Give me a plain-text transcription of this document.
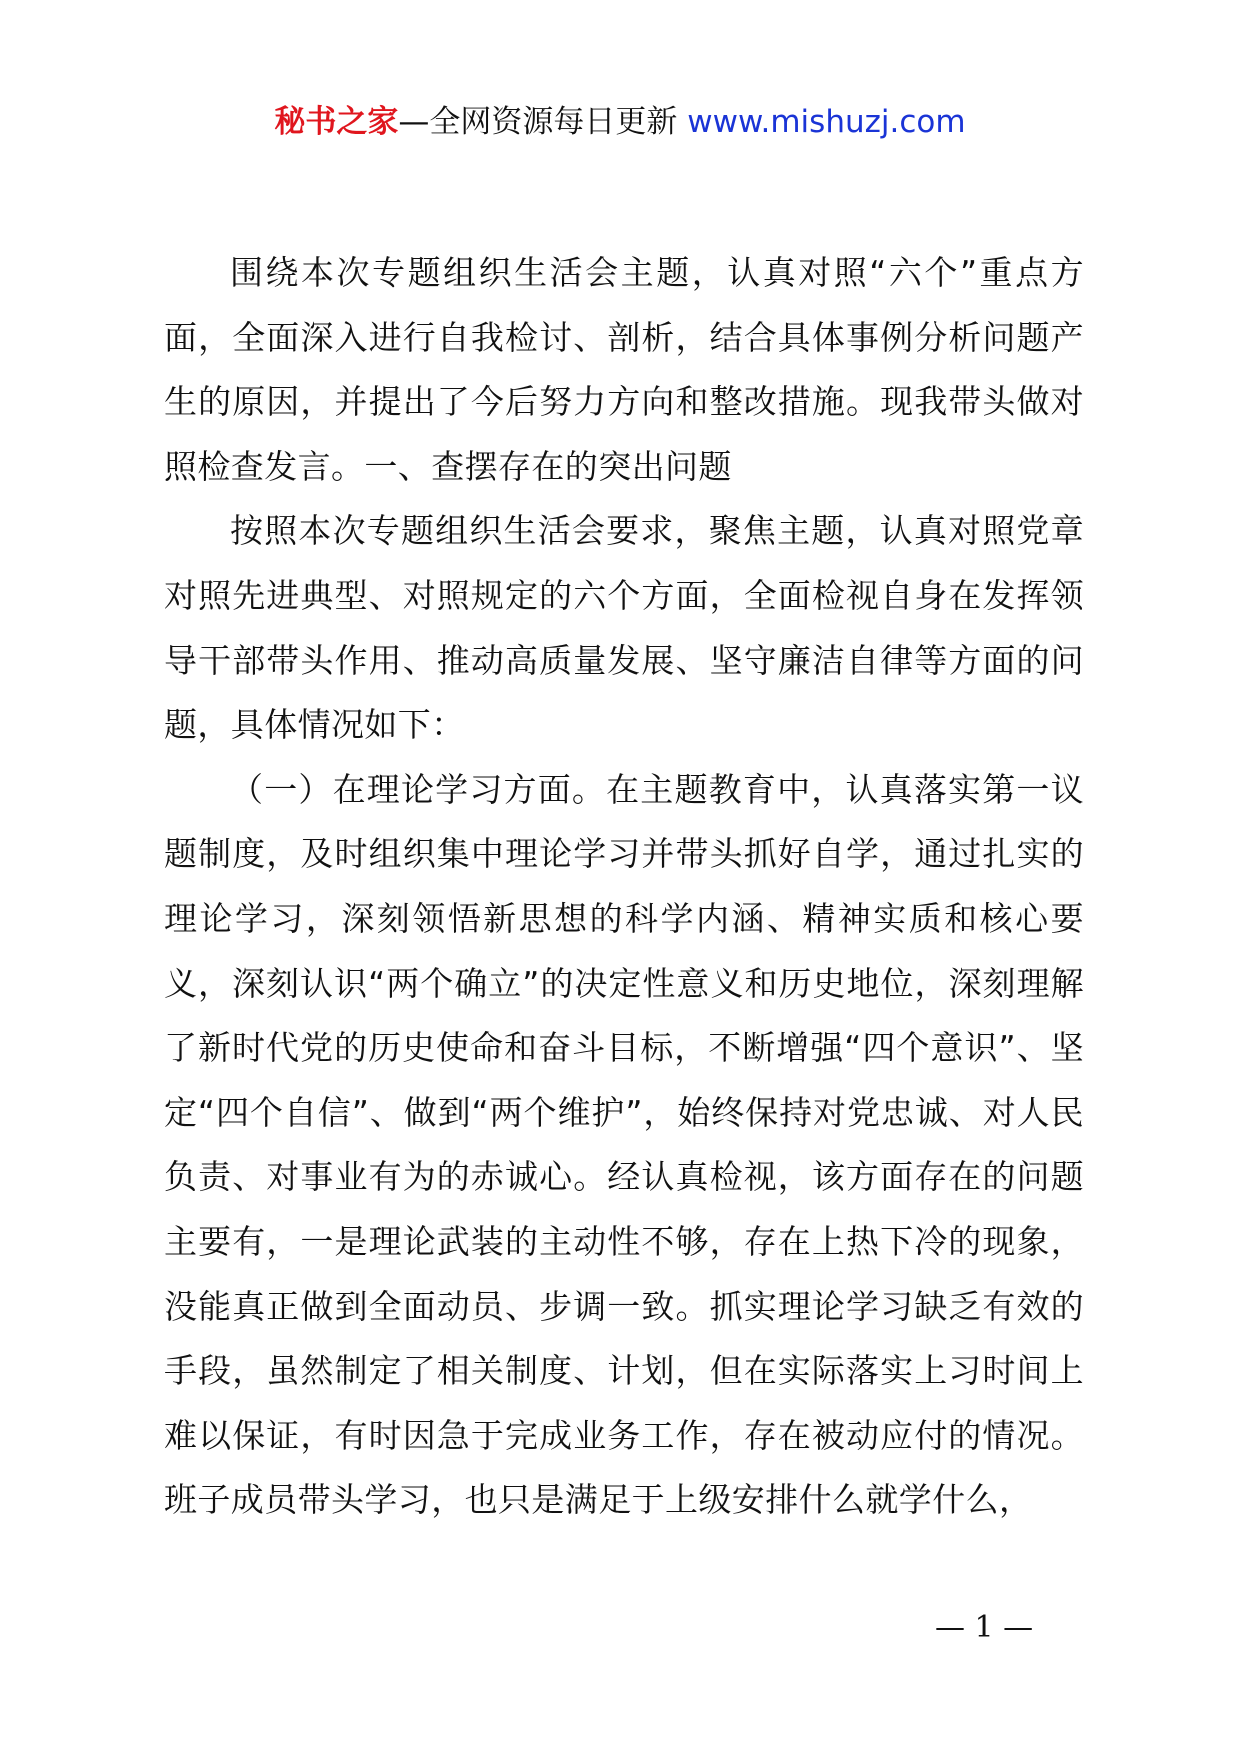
秘书之家—全网资源每日更新 www.mishuzj.com

围绕本次专题组织生活会主题，认真对照“六个”重点方面，全面深入进行自我检讨、剖析，结合具体事例分析问题产生的原因，并提出了今后努力方向和整改措施。现我带头做对照检查发言。一、查摆存在的突出问题

按照本次专题组织生活会要求，聚焦主题，认真对照党章对照先进典型、对照规定的六个方面，全面检视自身在发挥领导干部带头作用、推动高质量发展、坚守廉洁自律等方面的问题，具体情况如下：

（一）在理论学习方面。在主题教育中，认真落实第一议题制度，及时组织集中理论学习并带头抓好自学，通过扎实的理论学习，深刻领悟新思想的科学内涵、精神实质和核心要义，深刻认识“两个确立”的决定性意义和历史地位，深刻理解了新时代党的历史使命和奋斗目标，不断增强“四个意识”、坚定“四个自信”、做到“两个维护”，始终保持对党忠诚、对人民负责、对事业有为的赤诚心。经认真检视，该方面存在的问题主要有，一是理论武装的主动性不够，存在上热下冷的现象，没能真正做到全面动员、步调一致。抓实理论学习缺乏有效的手段，虽然制定了相关制度、计划，但在实际落实上习时间上难以保证，有时因急于完成业务工作，存在被动应付的情况。班子成员带头学习，也只是满足于上级安排什么就学什么，

— 1 —
